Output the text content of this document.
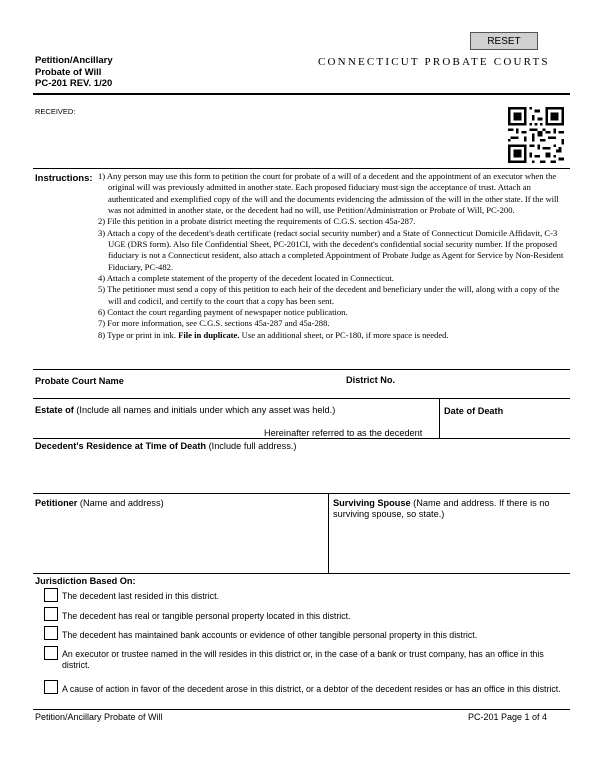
RESET
Petition/Ancillary
Probate of Will
PC-201 REV. 1/20
CONNECTICUT PROBATE COURTS
RECEIVED:
Instructions: 1) Any person may use this form to petition the court for probate of a will of a decedent and the appointment of an executor when the original will was previously admitted in another state. Each proposed fiduciary must sign the acceptance of trust. Attach an authenticated and exemplified copy of the will and the documents evidencing the admission of the will in the other state. If the will was not admitted in another state, or the decedent had no will, use Petition/Administration or Probate of Will, PC-200.

2) File this petition in a probate district meeting the requirements of C.G.S. section 45a-287.

3) Attach a copy of the decedent's death certificate (redact social security number) and a State of Connecticut Domicile Affidavit, C-3 UGE (DRS form). Also file Confidential Sheet, PC-201CI, with the decedent's confidential social security number. If the proposed fiduciary is not a Connecticut resident, also attach a completed Appointment of Probate Judge as Agent for Service by Non-Resident Fiduciary, PC-482.

4) Attach a complete statement of the property of the decedent located in Connecticut.

5) The petitioner must send a copy of this petition to each heir of the decedent and beneficiary under the will, along with a copy of the will and codicil, and certify to the court that a copy has been sent.

6) Contact the court regarding payment of newspaper notice publication.

7) For more information, see C.G.S. sections 45a-287 and 45a-288.

8) Type or print in ink. File in duplicate. Use an additional sheet, or PC-180, if more space is needed.

Probate Court Name	District No.
Estate of (Include all names and initials under which any asset was held.)
Hereinafter referred to as the decedent
Date of Death
Decedent's Residence at Time of Death (Include full address.)
Petitioner (Name and address)	Surviving Spouse (Name and address. If there is no surviving spouse, so state.)
Jurisdiction Based On:
The decedent last resided in this district.
The decedent has real or tangible personal property located in this district.
The decedent has maintained bank accounts or evidence of other tangible personal property in this district.
An executor or trustee named in the will resides in this district or, in the case of a bank or trust company, has an office in this district.
A cause of action in favor of the decedent arose in this district, or a debtor of the decedent resides or has an office in this district.
Petition/Ancillary Probate of Will	PC-201 Page 1 of 4
